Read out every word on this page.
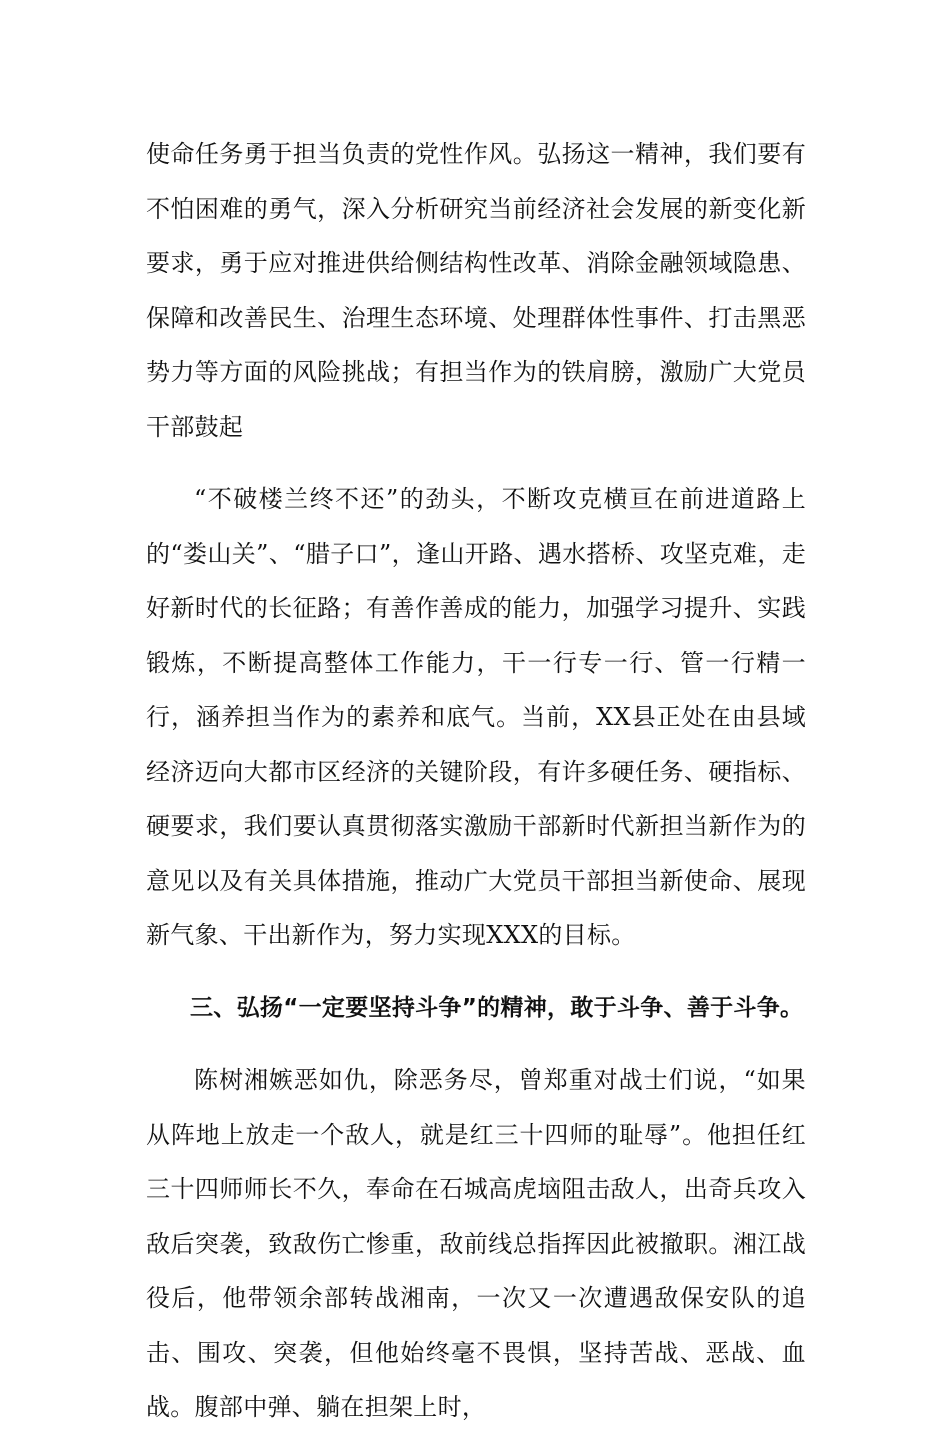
使命任务勇于担当负责的党性作风。弘扬这一精神，我们要有不怕困难的勇气，深入分析研究当前经济社会发展的新变化新要求，勇于应对推进供给侧结构性改革、消除金融领域隐患、保障和改善民生、治理生态环境、处理群体性事件、打击黑恶势力等方面的风险挑战；有担当作为的铁肩膀，激励广大党员干部鼓起

“不破楼兰终不还”的劲头，不断攻克横亘在前进道路上的“娄山关”、“腊子口”，逢山开路、遇水搭桥、攻坚克难，走好新时代的长征路；有善作善成的能力，加强学习提升、实践锻炼，不断提高整体工作能力，干一行专一行、管一行精一行，涵养担当作为的素养和底气。当前，XX县正处在由县域经济迈向大都市区经济的关键阶段，有许多硬任务、硬指标、硬要求，我们要认真贯彻落实激励干部新时代新担当新作为的意见以及有关具体措施，推动广大党员干部担当新使命、展现新气象、干出新作为，努力实现XXX的目标。

三、弘扬“一定要坚持斗争”的精神，敢于斗争、善于斗争。

陈树湘嫉恶如仇，除恶务尽，曾郑重对战士们说，“如果从阵地上放走一个敌人，就是红三十四师的耻辱”。他担任红三十四师师长不久，奉命在石城高虎垴阻击敌人，出奇兵攻入敌后突袭，致敌伤亡惨重，敌前线总指挥因此被撤职。湘江战役后，他带领余部转战湘南，一次又一次遭遇敌保安队的追击、围攻、突袭，但他始终毫不畏惧，坚持苦战、恶战、血战。腹部中弹、躺在担架上时，
